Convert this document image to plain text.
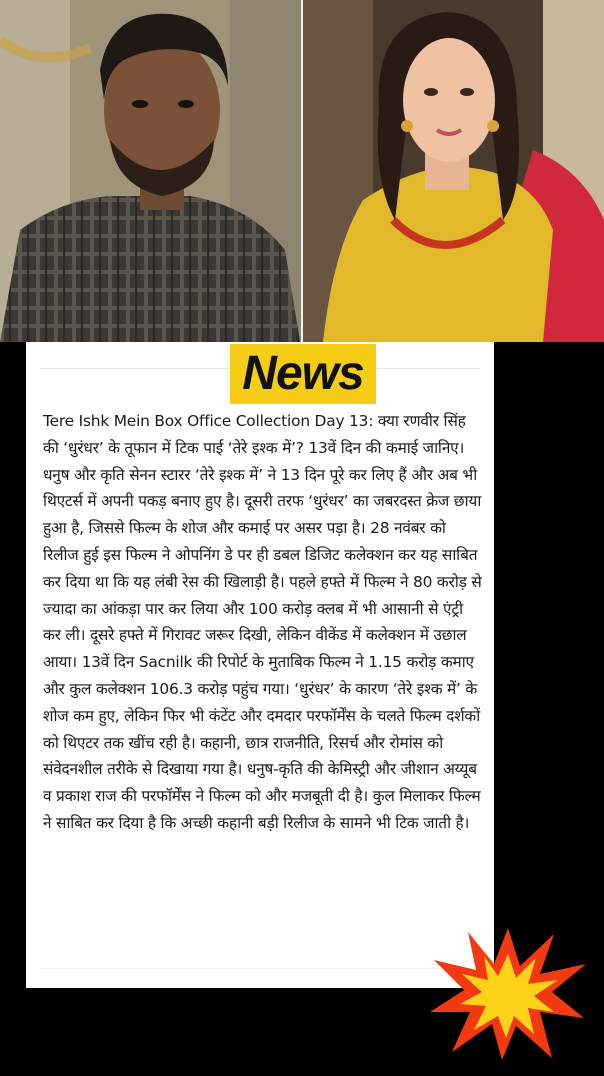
News

Tere Ishk Mein Box Office Collection Day 13: क्या रणवीर सिंह की ‘धुरंधर’ के तूफान में टिक पाई ‘तेरे इश्क में’? 13वें दिन की कमाई जानिए। धनुष और कृति सेनन स्टारर ‘तेरे इश्क में’ ने 13 दिन पूरे कर लिए हैं और अब भी थिएटर्स में अपनी पकड़ बनाए हुए है। दूसरी तरफ ‘धुरंधर’ का जबरदस्त क्रेज छाया हुआ है, जिससे फिल्म के शोज और कमाई पर असर पड़ा है। 28 नवंबर को रिलीज हुई इस फिल्म ने ओपनिंग डे पर ही डबल डिजिट कलेक्शन कर यह साबित कर दिया था कि यह लंबी रेस की खिलाड़ी है। पहले हफ्ते में फिल्म ने 80 करोड़ से ज्यादा का आंकड़ा पार कर लिया और 100 करोड़ क्लब में भी आसानी से एंट्री कर ली। दूसरे हफ्ते में गिरावट जरूर दिखी, लेकिन वीकेंड में कलेक्शन में उछाल आया। 13वें दिन Sacnilk की रिपोर्ट के मुताबिक फिल्म ने 1.15 करोड़ कमाए और कुल कलेक्शन 106.3 करोड़ पहुंच गया। ‘धुरंधर’ के कारण ‘तेरे इश्क में’ के शोज कम हुए, लेकिन फिर भी कंटेंट और दमदार परफॉर्मेंस के चलते फिल्म दर्शकों को थिएटर तक खींच रही है। कहानी, छात्र राजनीति, रिसर्च और रोमांस को संवेदनशील तरीके से दिखाया गया है। धनुष-कृति की केमिस्ट्री और जीशान अय्यूब व प्रकाश राज की परफॉर्मेंस ने फिल्म को और मजबूती दी है। कुल मिलाकर फिल्म ने साबित कर दिया है कि अच्छी कहानी बड़ी रिलीज के सामने भी टिक जाती है।
